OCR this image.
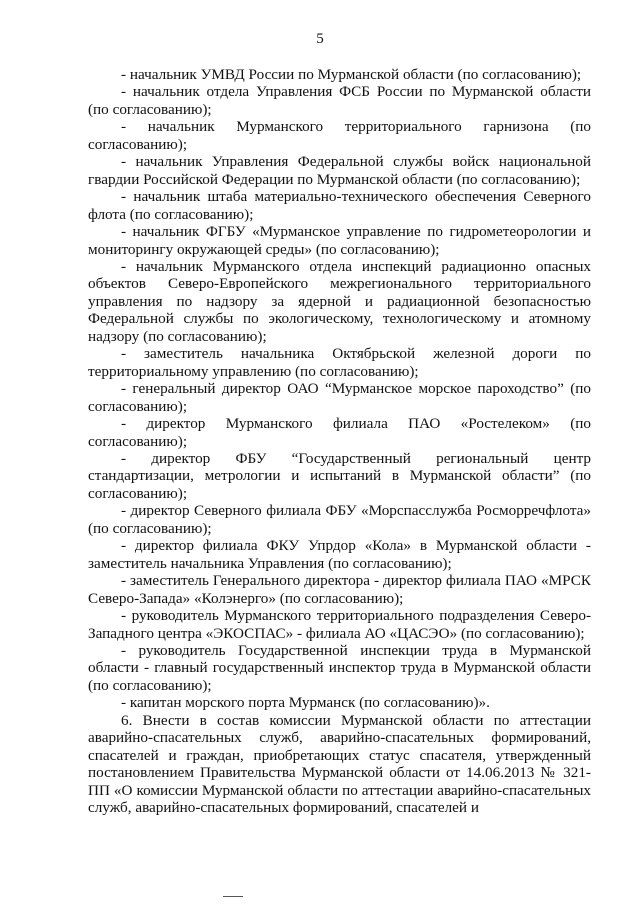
5

- начальник УМВД России по Мурманской области (по согласованию);

- начальник отдела Управления ФСБ России по Мурманской области (по согласованию);

- начальник Мурманского территориального гарнизона (по согласованию);

- начальник Управления Федеральной службы войск национальной гвардии Российской Федерации по Мурманской области (по согласованию);

- начальник штаба материально-технического обеспечения Северного флота (по согласованию);

- начальник ФГБУ «Мурманское управление по гидрометеорологии и мониторингу окружающей среды» (по согласованию);

- начальник Мурманского отдела инспекций радиационно опасных объектов Северо-Европейского межрегионального территориального управления по надзору за ядерной и радиационной безопасностью Федеральной службы по экологическому, технологическому и атомному надзору (по согласованию);

- заместитель начальника Октябрьской железной дороги по территориальному управлению (по согласованию);

- генеральный директор ОАО “Мурманское морское пароходство” (по согласованию);

- директор Мурманского филиала ПАО «Ростелеком» (по согласованию);

- директор ФБУ “Государственный региональный центр стандартизации, метрологии и испытаний в Мурманской области” (по согласованию);

- директор Северного филиала ФБУ «Морспасслужба Росморречфлота» (по согласованию);

- директор филиала ФКУ Упрдор «Кола» в Мурманской области - заместитель начальника Управления (по согласованию);

- заместитель Генерального директора - директор филиала ПАО «МРСК Северо-Запада» «Колэнерго» (по согласованию);

- руководитель Мурманского территориального подразделения Северо-Западного центра «ЭКОСПАС» - филиала АО «ЦАСЭО» (по согласованию);

- руководитель Государственной инспекции труда в Мурманской области - главный государственный инспектор труда в Мурманской области (по согласованию);

- капитан морского порта Мурманск (по согласованию)».

6. Внести в состав комиссии Мурманской области по аттестации аварийно-спасательных служб, аварийно-спасательных формирований, спасателей и граждан, приобретающих статус спасателя, утвержденный постановлением Правительства Мурманской области от 14.06.2013 № 321-ПП «О комиссии Мурманской области по аттестации аварийно-спасательных служб, аварийно-спасательных формирований, спасателей и
